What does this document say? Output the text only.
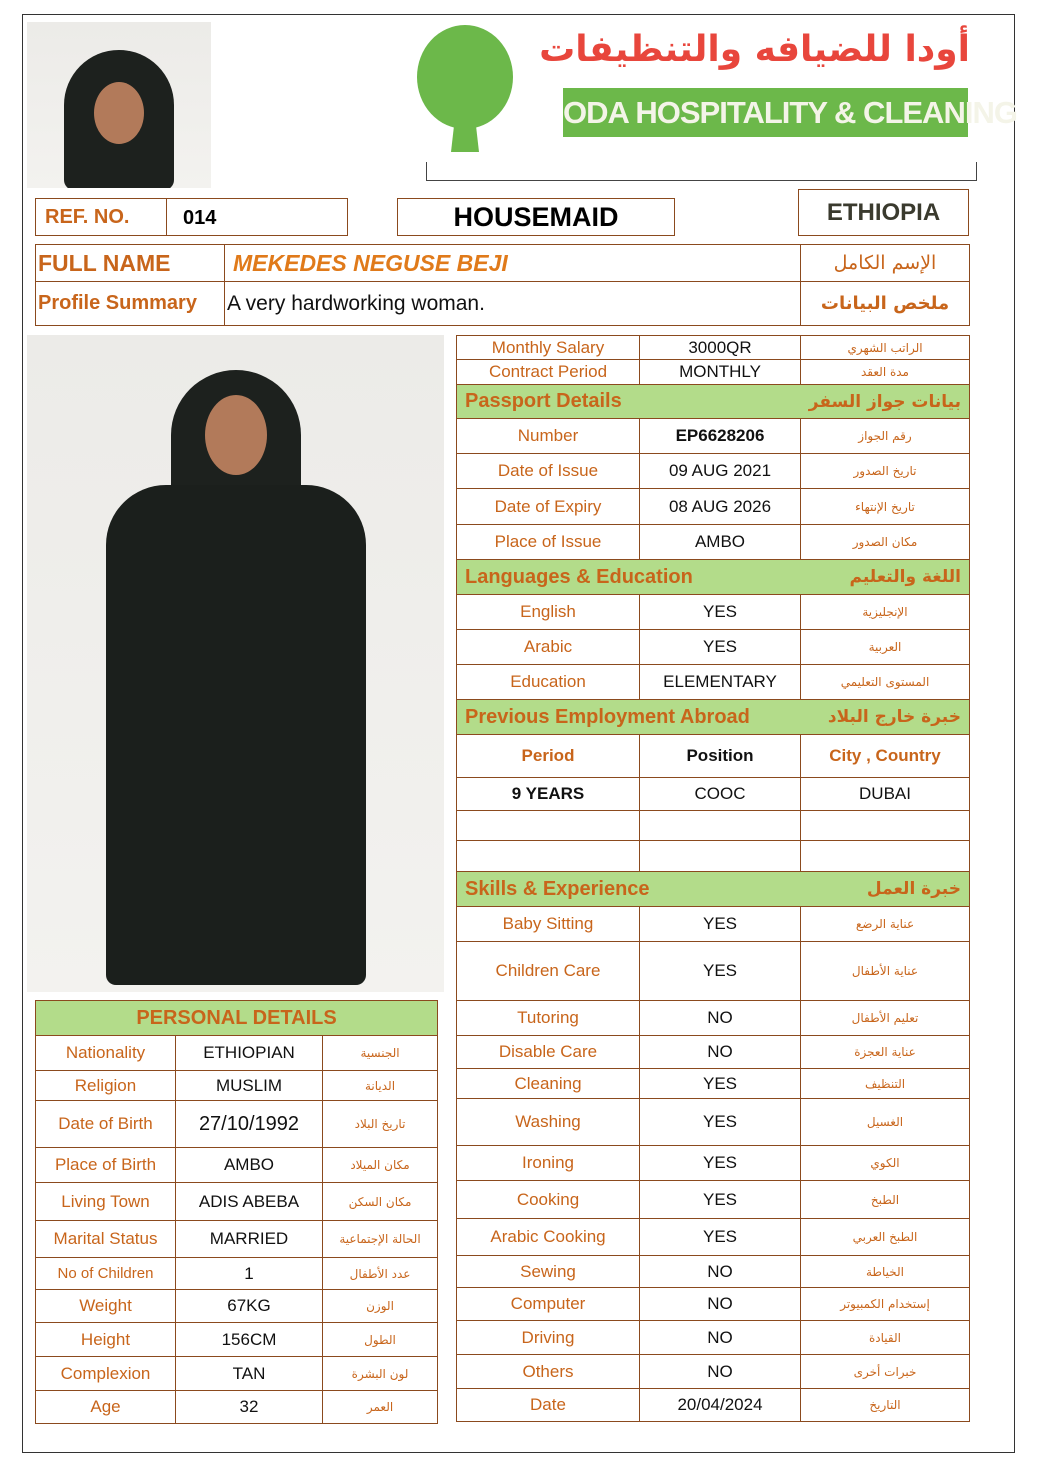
أودا للضيافه والتنظيفات
ODA HOSPITALITY & CLEANING
REF. NO.	014	HOUSEMAID	ETHIOPIA
FULL NAME	MEKEDES NEGUSE BEJI	الإسم الكامل
Profile Summary	A very hardworking woman.	ملخص البيانات
PERSONAL DETAILS		
Nationality	ETHIOPIAN	الجنسية
Religion	MUSLIM	الديانة
Date of Birth	27/10/1992	تاريخ البلاد
Place of Birth	AMBO	مكان الميلاد
Living Town	ADIS ABEBA	مكان السكن
Marital Status	MARRIED	الحالة الإجتماعية
No of Children	1	عدد الأطفال
Weight	67KG	الوزن
Height	156CM	الطول
Complexion	TAN	لون البشرة
Age	32	العمر
Monthly Salary	3000QR	الراتب الشهري
Contract Period	MONTHLY	مدة العقد

Passport Details بيانات جواز السفر		

Number	EP6628206	رقم الجواز
Date of Issue	09 AUG 2021	تاريخ الصدور
Date of Expiry	08 AUG 2026	تاريخ الإنتهاء
Place of Issue	AMBO	مكان الصدور

Languages & Education اللغة والتعليم		

English	YES	الإنجليزية
Arabic	YES	العربية
Education	ELEMENTARY	المستوى التعليمي

Previous Employment Abroad خبرة خارج البلاد		

Period	Position	City , Country
9 YEARS	COOC	DUBAI

Skills & Experience خبرة العمل		

Baby Sitting	YES	عناية الرضع
Children Care	YES	عناية الأطفال
Tutoring	NO	تعليم الأطفال
Disable Care	NO	عناية العجزة
Cleaning	YES	التنظيف
Washing	YES	الغسيل
Ironing	YES	الكوي
Cooking	YES	الطبخ
Arabic Cooking	YES	الطبخ العربي
Sewing	NO	الخياطة
Computer	NO	إستخدام الكمبيوتر
Driving	NO	القيادة
Others	NO	خبرات أخرى
Date	20/04/2024	التاريخ
